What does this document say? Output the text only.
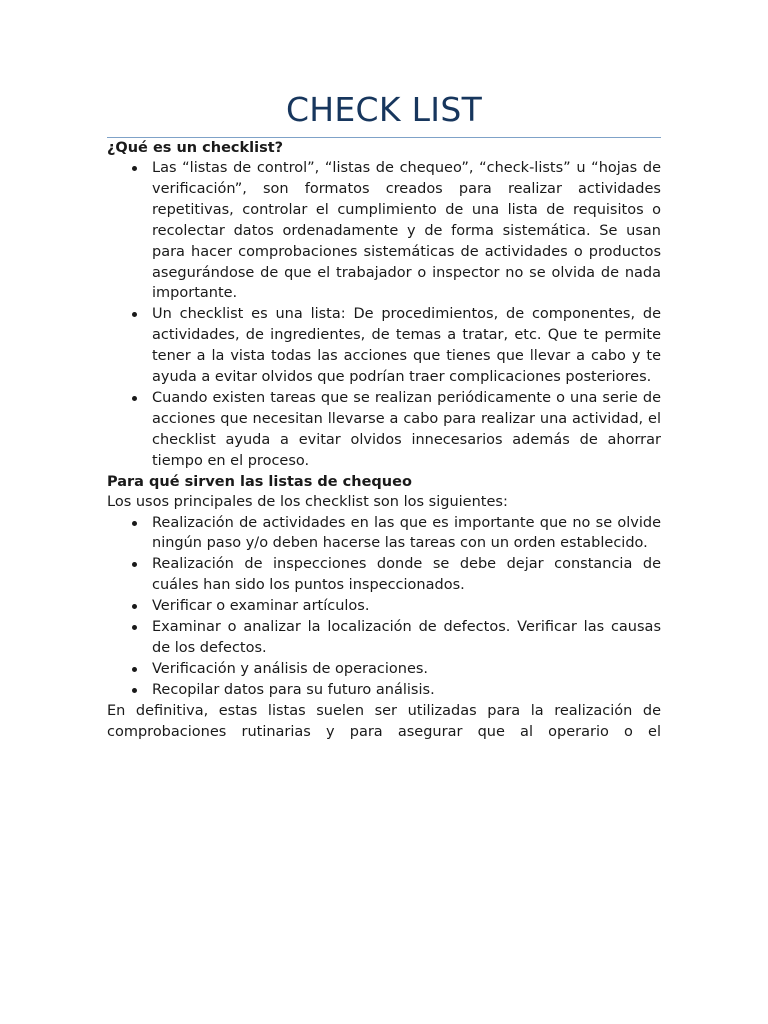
CHECK LIST
¿Qué es un checklist?
Las “listas de control”, “listas de chequeo”, “check-lists” u “hojas de verificación”, son formatos creados para realizar actividades repetitivas, controlar el cumplimiento de una lista de requisitos o recolectar datos ordenadamente y de forma sistemática. Se usan para hacer comprobaciones sistemáticas de actividades o productos asegurándose de que el trabajador o inspector no se olvida de nada importante.
Un checklist es una lista: De procedimientos, de componentes, de actividades, de ingredientes, de temas a tratar, etc. Que te permite tener a la vista todas las acciones que tienes que llevar a cabo y te ayuda a evitar olvidos que podrían traer complicaciones posteriores.
Cuando existen tareas que se realizan periódicamente o una serie de acciones que necesitan llevarse a cabo para realizar una actividad, el checklist ayuda a evitar olvidos innecesarios además de ahorrar tiempo en el proceso.
Para qué sirven las listas de chequeo

Los usos principales de los checklist son los siguientes:

Realización de actividades en las que es importante que no se olvide ningún paso y/o deben hacerse las tareas con un orden establecido.
Realización de inspecciones donde se debe dejar constancia de cuáles han sido los puntos inspeccionados.
Verificar o examinar artículos.
Examinar o analizar la localización de defectos. Verificar las causas de los defectos.
Verificación y análisis de operaciones.
Recopilar datos para su futuro análisis.

En definitiva, estas listas suelen ser utilizadas para la realización de comprobaciones rutinarias y para asegurar que al operario o el
